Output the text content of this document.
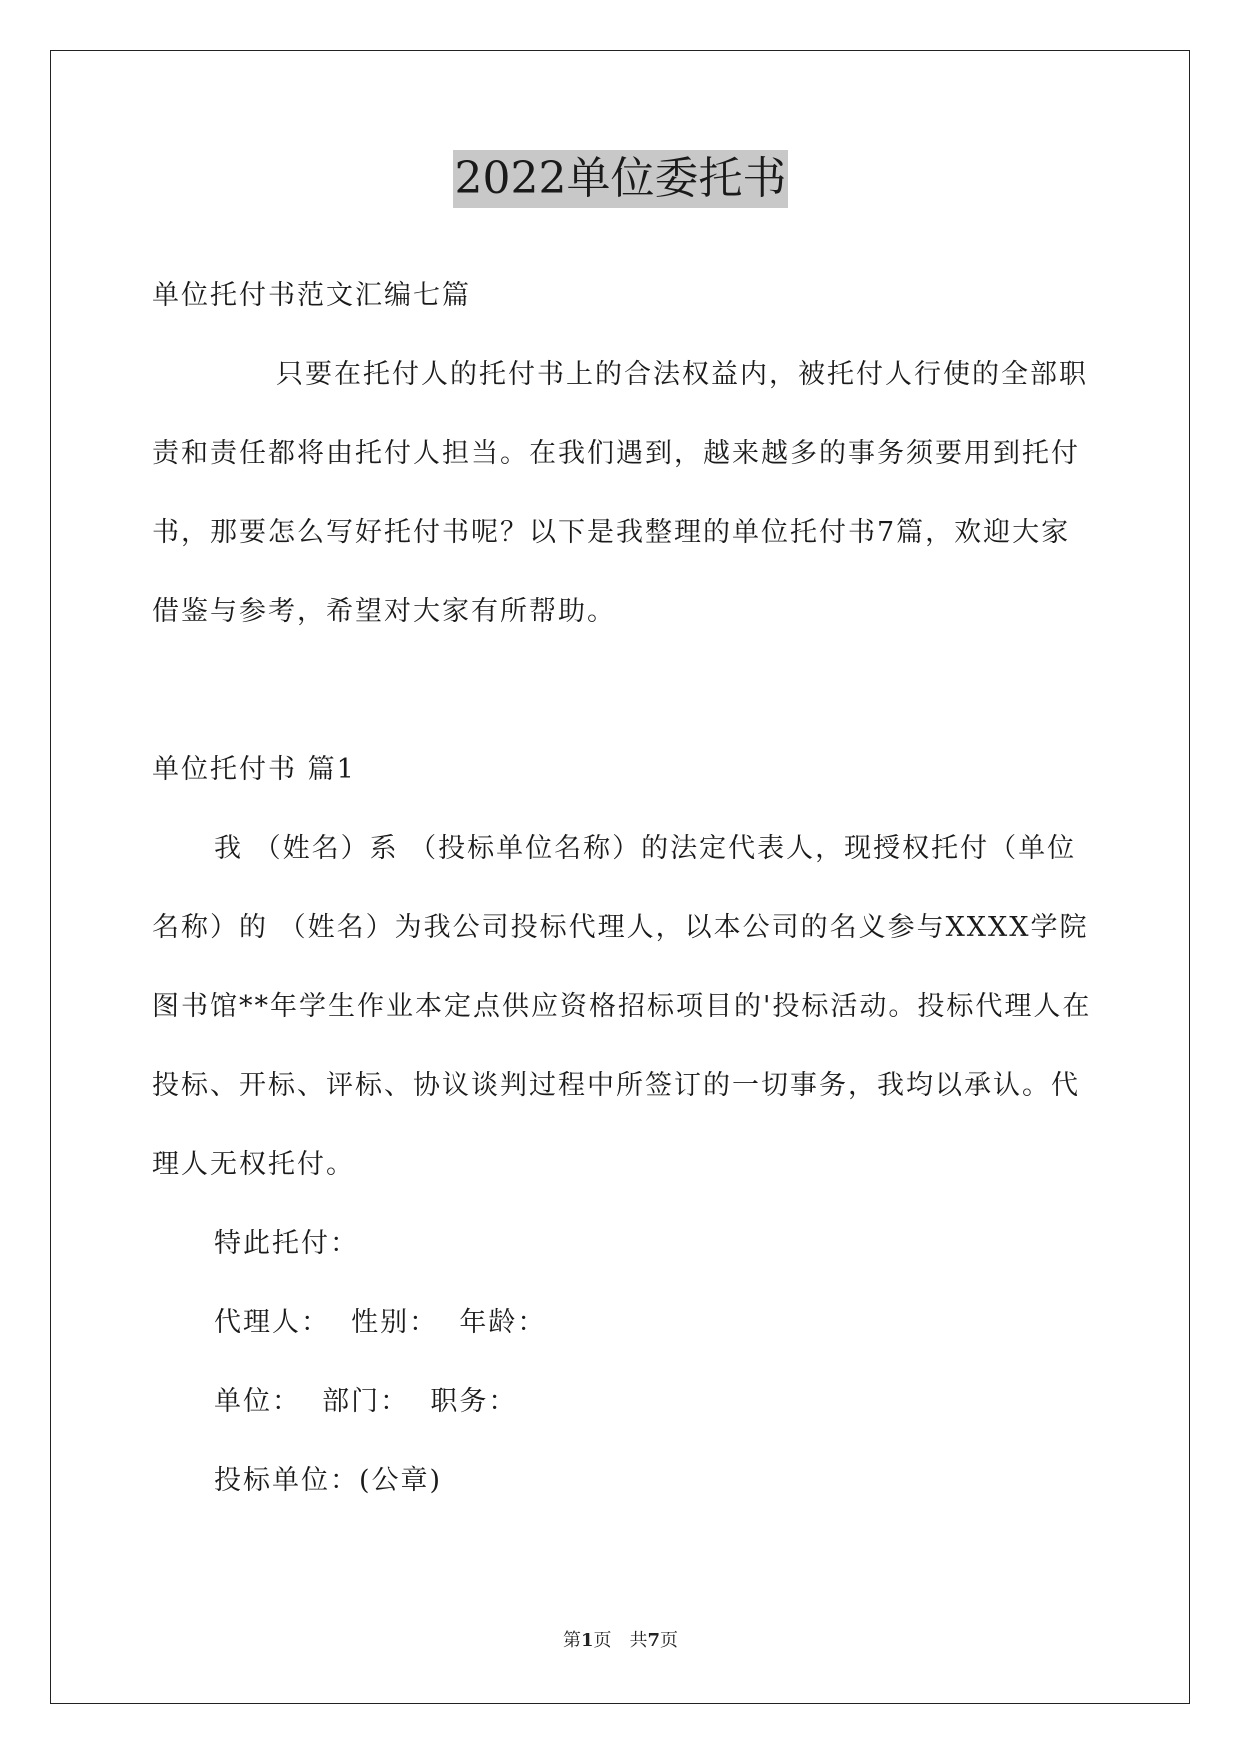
2022单位委托书

单位托付书范文汇编七篇

只要在托付人的托付书上的合法权益内，被托付人行使的全部职责和责任都将由托付人担当。在我们遇到，越来越多的事务须要用到托付书，那要怎么写好托付书呢？以下是我整理的单位托付书7篇，欢迎大家借鉴与参考，希望对大家有所帮助。

单位托付书 篇1

我 （姓名）系 （投标单位名称）的法定代表人，现授权托付（单位名称）的 （姓名）为我公司投标代理人，以本公司的名义参与XXXX学院图书馆**年学生作业本定点供应资格招标项目的'投标活动。投标代理人在投标、开标、评标、协议谈判过程中所签订的一切事务，我均以承认。代理人无权托付。

特此托付：

代理人：  性别：  年龄：

单位：  部门：  职务：

投标单位：(公章)

第1页 共7页
